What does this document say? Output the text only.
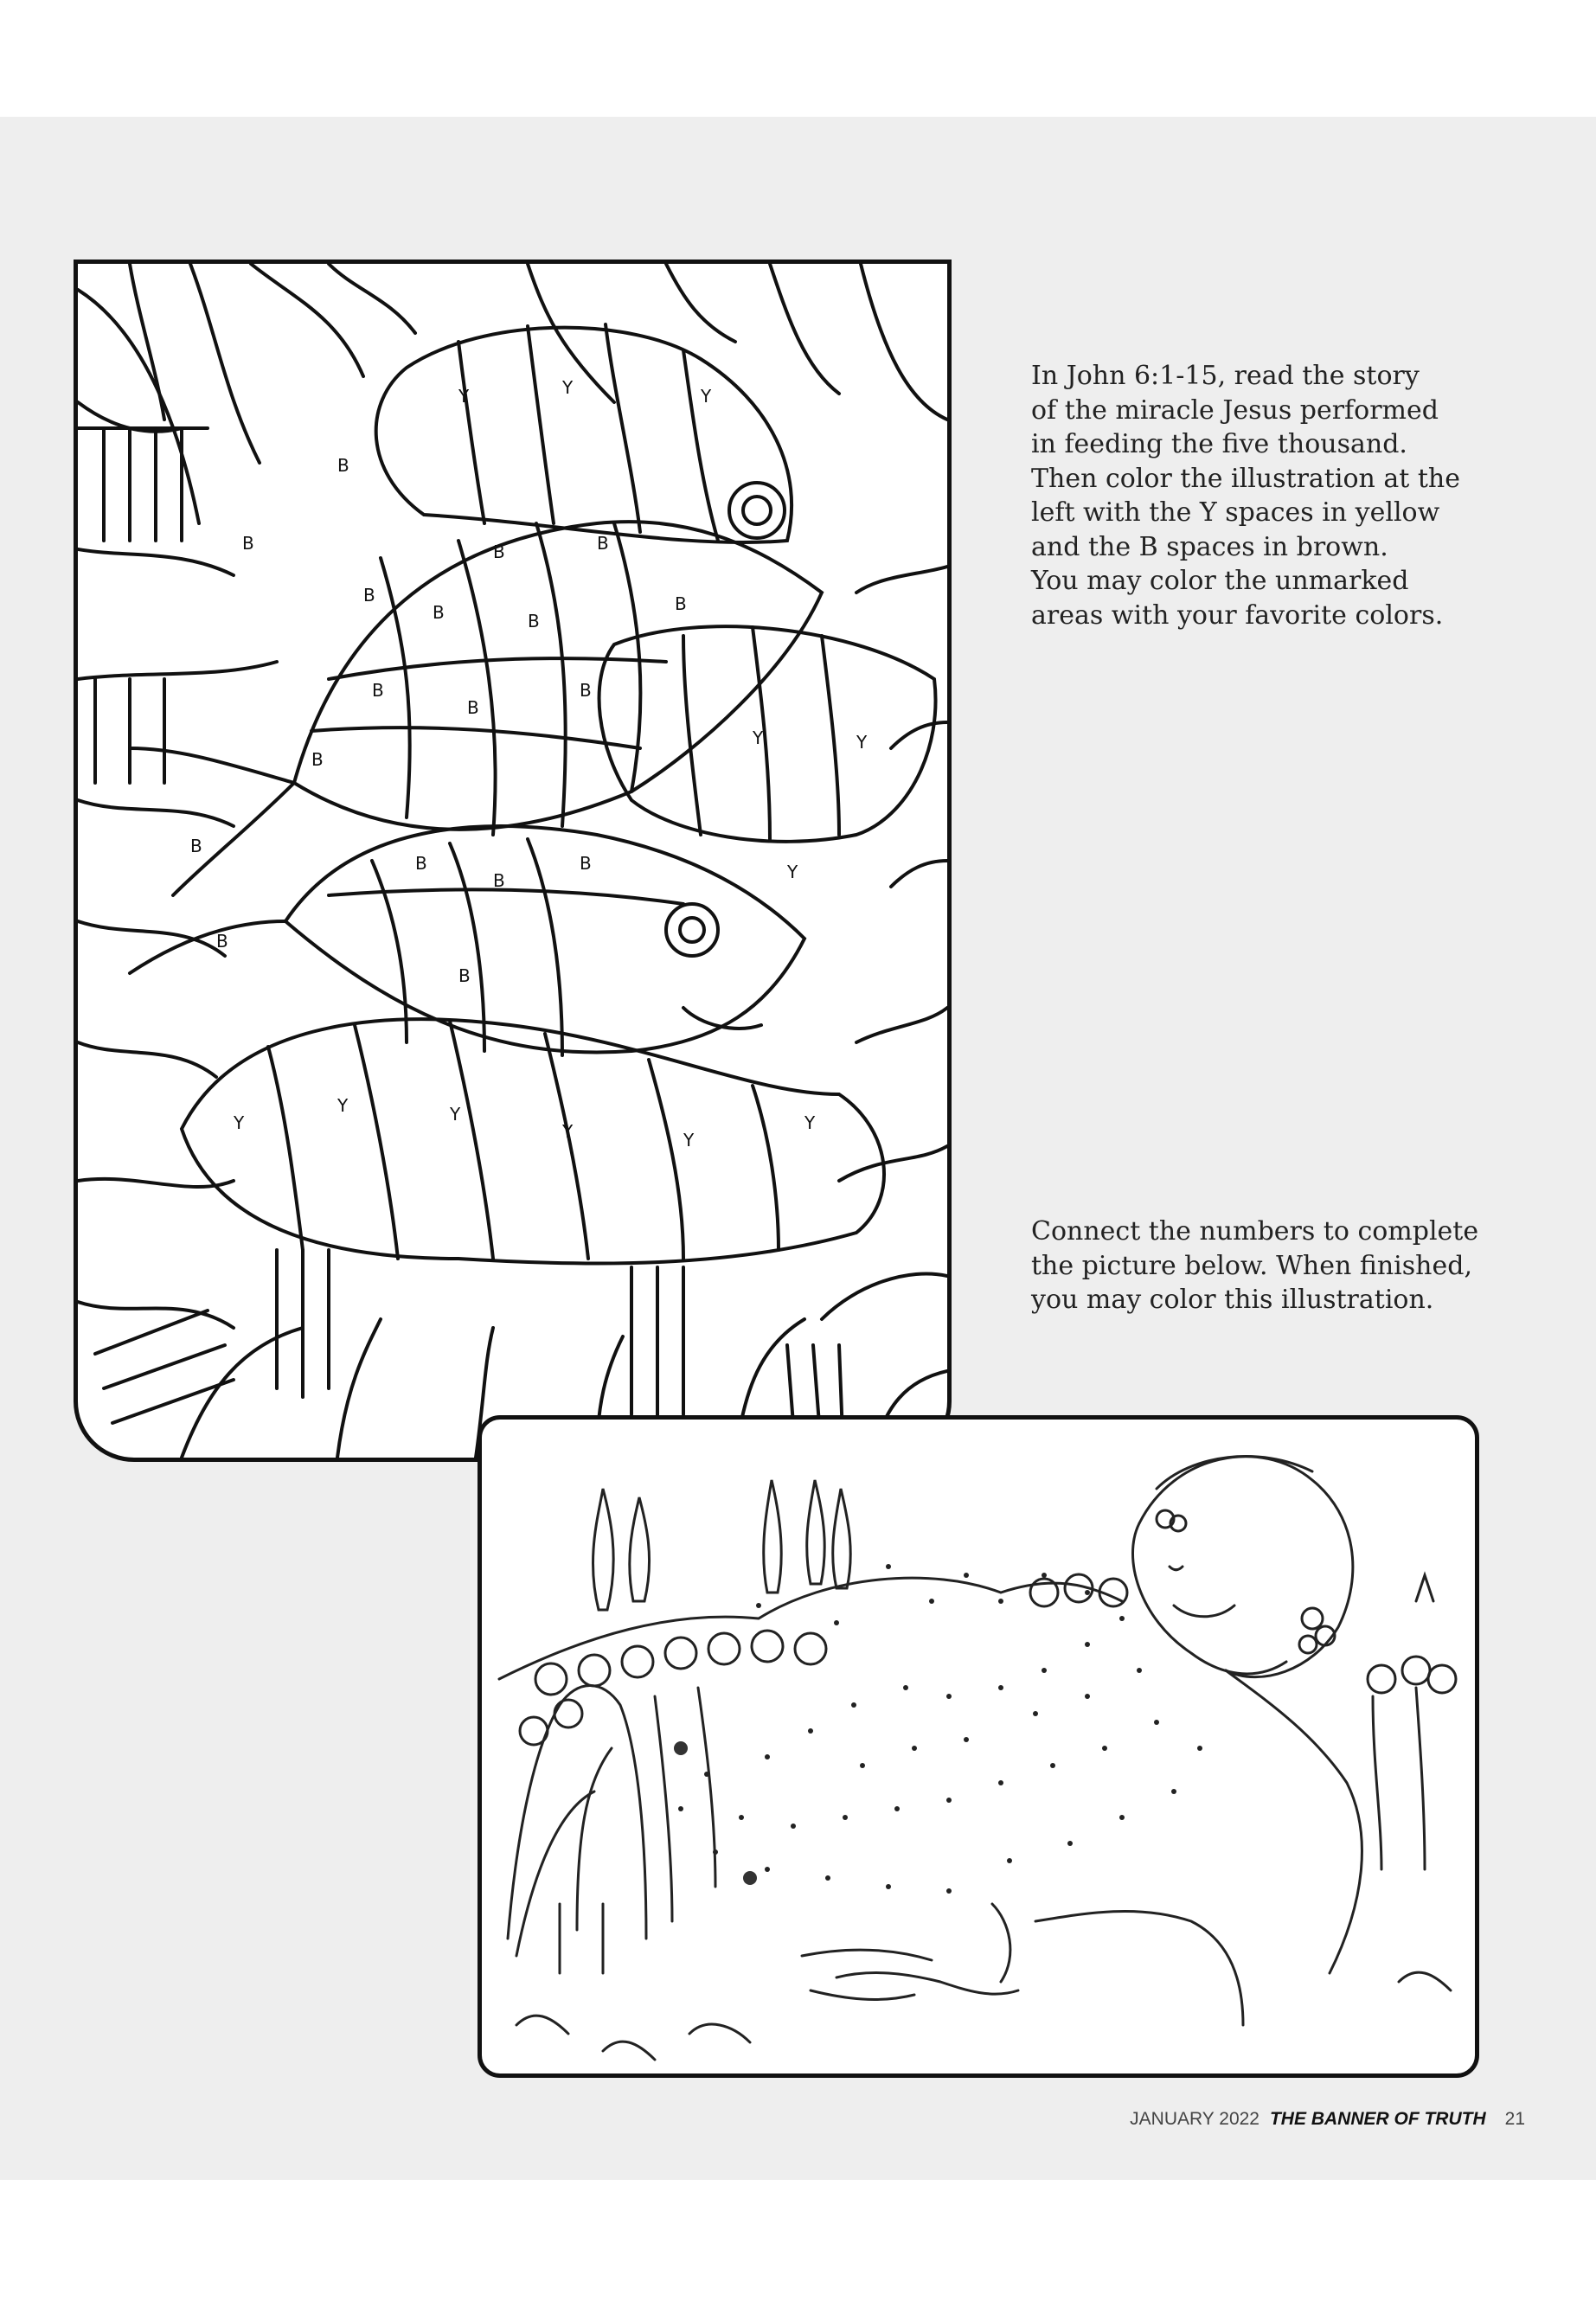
Y	Y	Y
B
B
B
B	B
B	B
B
B
B
B
B
B
B
B
B
B
B
Y	Y
Y
Y
Y	Y
Y	Y
Y

In John 6:1-15, read the story
of the miracle Jesus performed
in feeding the five thousand.
Then color the illustration at the
left with the Y spaces in yellow
and the B spaces in brown.
You may color the unmarked
areas with your favorite colors.

Connect the numbers to complete
the picture below. When finished,
you may color this illustration.

JANUARY 2022 THE BANNER OF TRUTH 21
